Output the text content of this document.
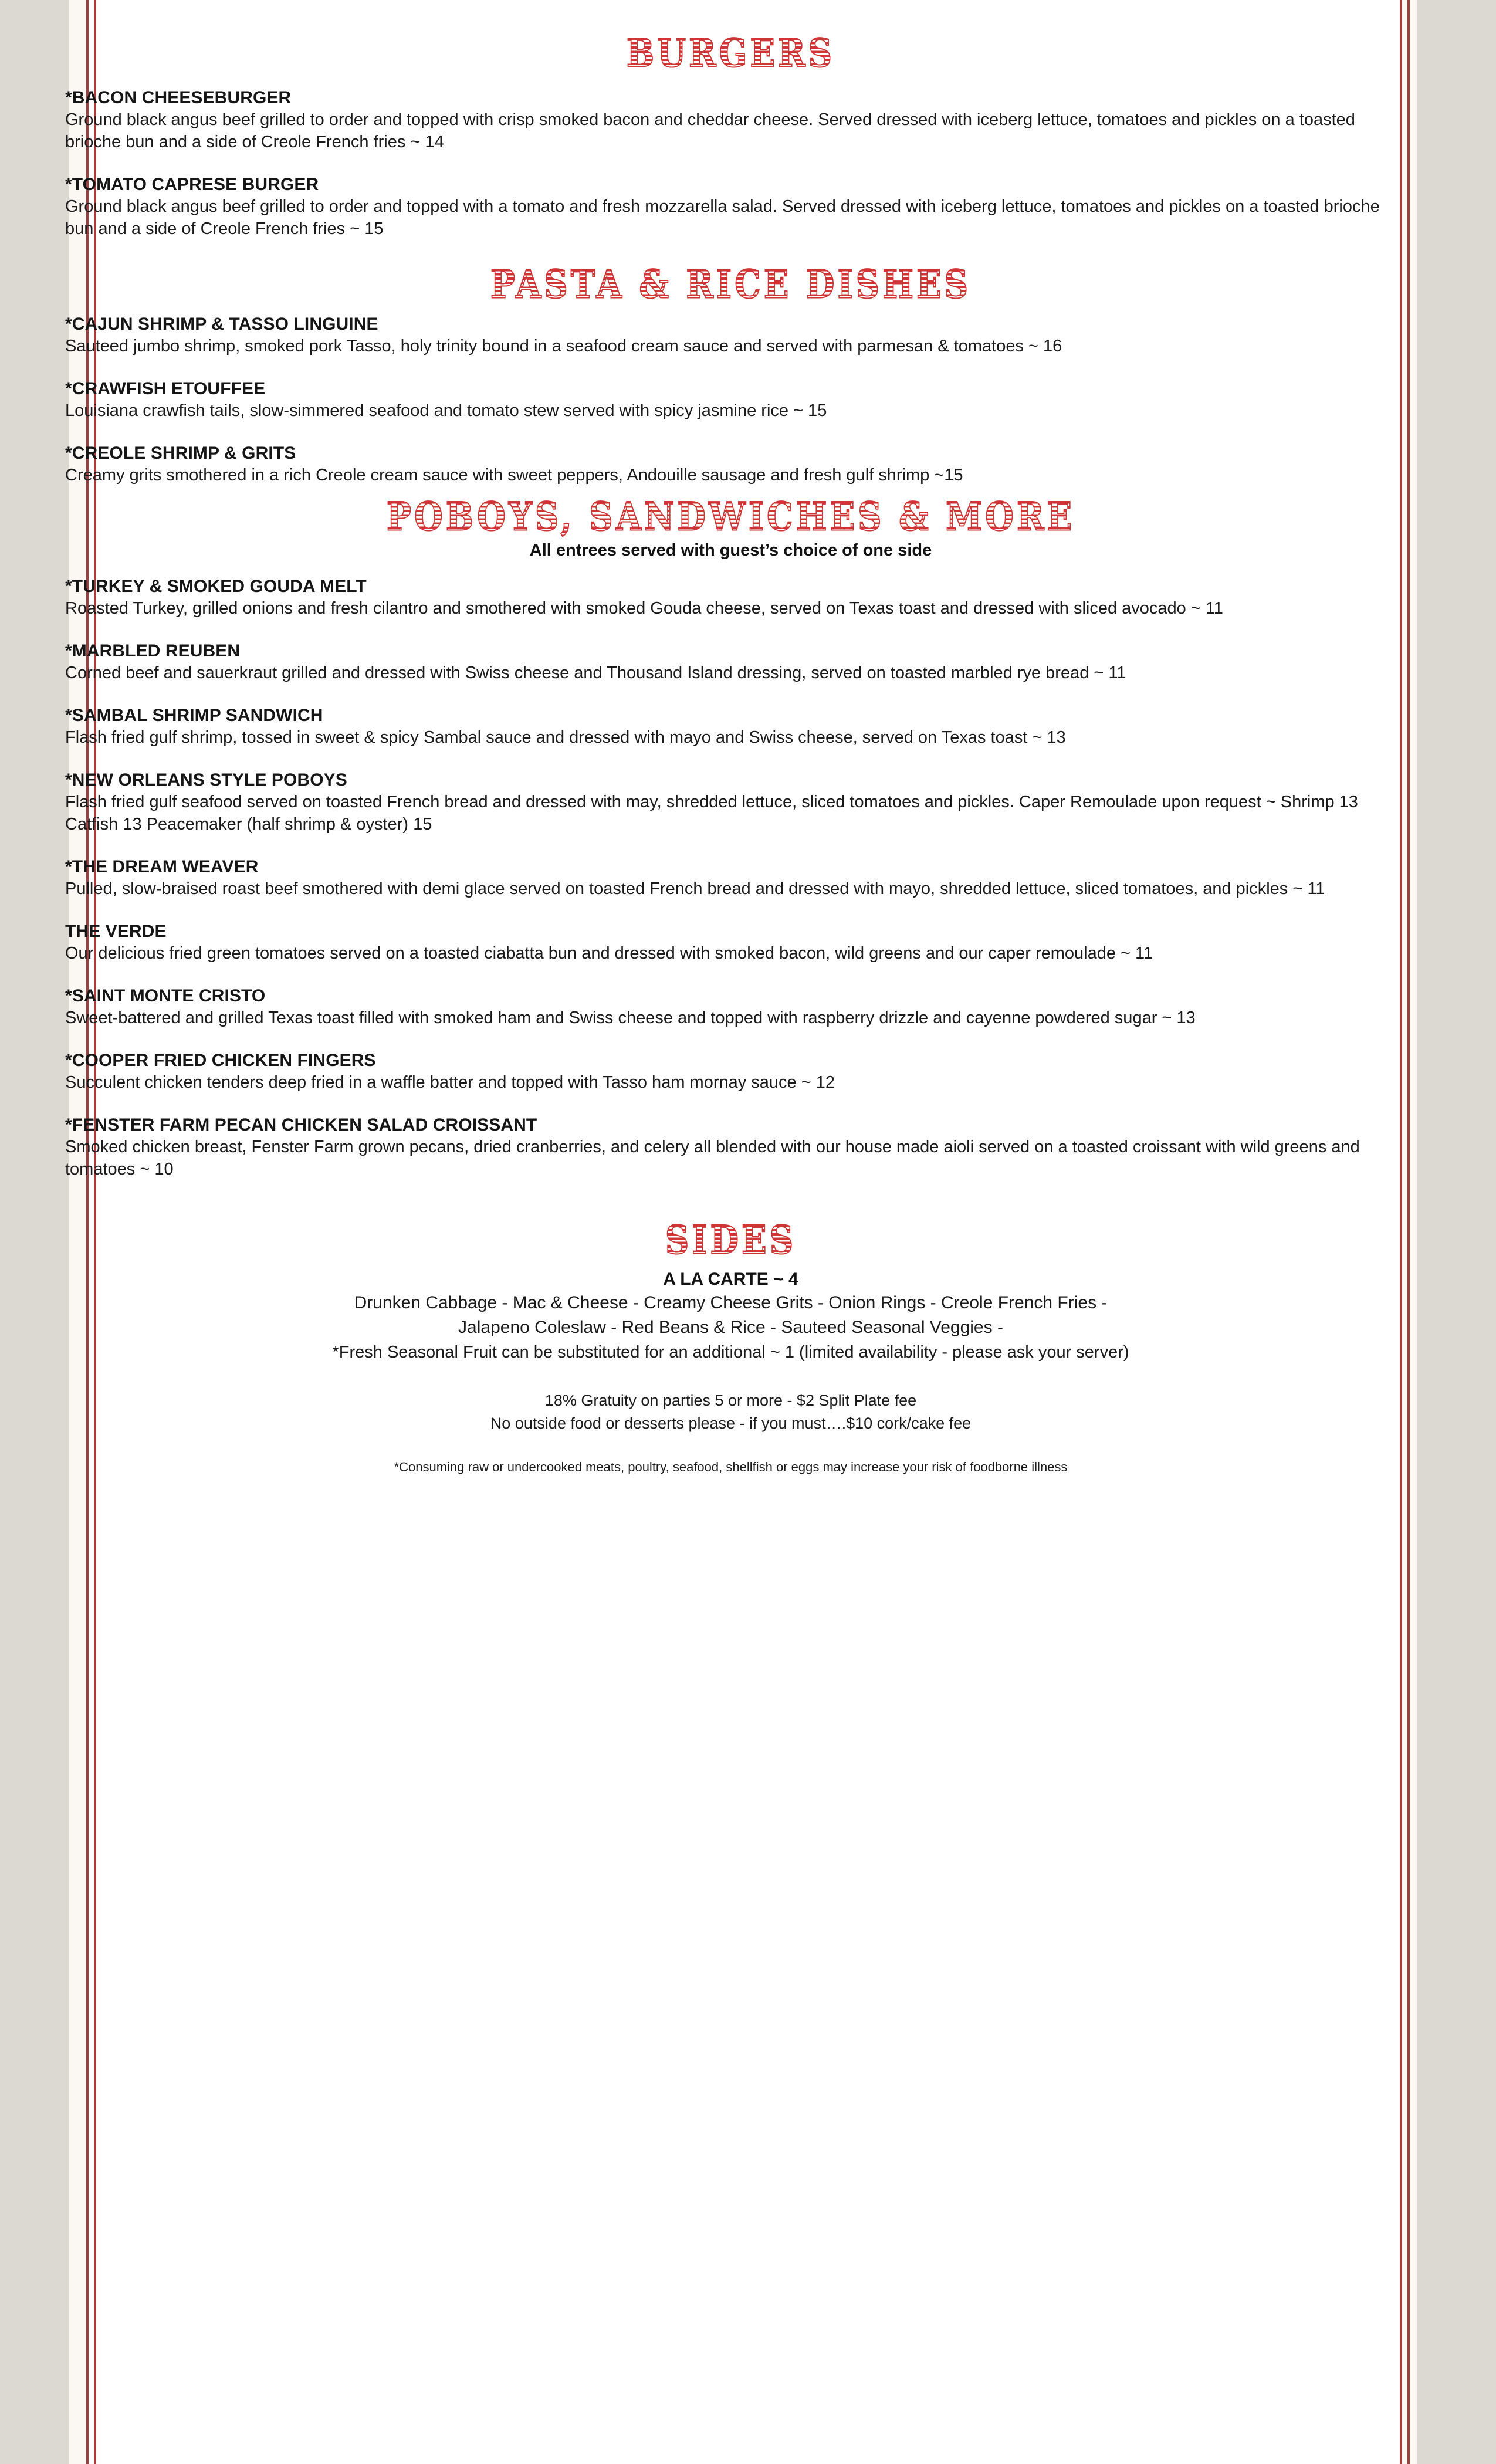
BURGERS
*BACON CHEESEBURGER
Ground black angus beef grilled to order and topped with crisp smoked bacon and cheddar cheese. Served dressed with iceberg lettuce, tomatoes and pickles on a toasted brioche bun and a side of Creole French fries ~ 14
*TOMATO CAPRESE BURGER
Ground black angus beef grilled to order and topped with a tomato and fresh mozzarella salad. Served dressed with iceberg lettuce, tomatoes and pickles on a toasted brioche bun and a side of Creole French fries ~ 15
PASTA & RICE DISHES
*CAJUN SHRIMP & TASSO LINGUINE
Sauteed jumbo shrimp, smoked pork Tasso, holy trinity bound in a seafood cream sauce and served with parmesan & tomatoes ~ 16
*CRAWFISH ETOUFFEE
Louisiana crawfish tails, slow-simmered seafood and tomato stew served with spicy jasmine rice ~ 15
*CREOLE SHRIMP & GRITS
Creamy grits smothered in a rich Creole cream sauce with sweet peppers, Andouille sausage and fresh gulf shrimp ~15
POBOYS, SANDWICHES & MORE
All entrees served with guest’s choice of one side
*TURKEY & SMOKED GOUDA MELT
Roasted Turkey, grilled onions and fresh cilantro and smothered with smoked Gouda cheese, served on Texas toast and dressed with sliced avocado ~ 11
*MARBLED REUBEN
Corned beef and sauerkraut grilled and dressed with Swiss cheese and Thousand Island dressing, served on toasted marbled rye bread ~ 11
*SAMBAL SHRIMP SANDWICH
Flash fried gulf shrimp, tossed in sweet & spicy Sambal sauce and dressed with mayo and Swiss cheese, served on Texas toast ~ 13
*NEW ORLEANS STYLE POBOYS
Flash fried gulf seafood served on toasted French bread and dressed with may, shredded lettuce, sliced tomatoes and pickles. Caper Remoulade upon request ~ Shrimp 13 Catfish 13 Peacemaker (half shrimp & oyster) 15
*THE DREAM WEAVER
Pulled, slow-braised roast beef smothered with demi glace served on toasted French bread and dressed with mayo, shredded lettuce, sliced tomatoes, and pickles ~ 11
THE VERDE
Our delicious fried green tomatoes served on a toasted ciabatta bun and dressed with smoked bacon, wild greens and our caper remoulade ~ 11
*SAINT MONTE CRISTO
Sweet-battered and grilled Texas toast filled with smoked ham and Swiss cheese and topped with raspberry drizzle and cayenne powdered sugar ~ 13
*COOPER FRIED CHICKEN FINGERS
Succulent chicken tenders deep fried in a waffle batter and topped with Tasso ham mornay sauce ~ 12
*FENSTER FARM PECAN CHICKEN SALAD CROISSANT
Smoked chicken breast, Fenster Farm grown pecans, dried cranberries, and celery all blended with our house made aioli served on a toasted croissant with wild greens and tomatoes ~ 10
SIDES
A LA CARTE ~ 4
Drunken Cabbage - Mac & Cheese - Creamy Cheese Grits - Onion Rings - Creole French Fries -
Jalapeno Coleslaw - Red Beans & Rice - Sauteed Seasonal Veggies -
*Fresh Seasonal Fruit can be substituted for an additional ~ 1 (limited availability - please ask your server)
18% Gratuity on parties 5 or more - $2 Split Plate fee
No outside food or desserts please - if you must….$10 cork/cake fee
*Consuming raw or undercooked meats, poultry, seafood, shellfish or eggs may increase your risk of foodborne illness
